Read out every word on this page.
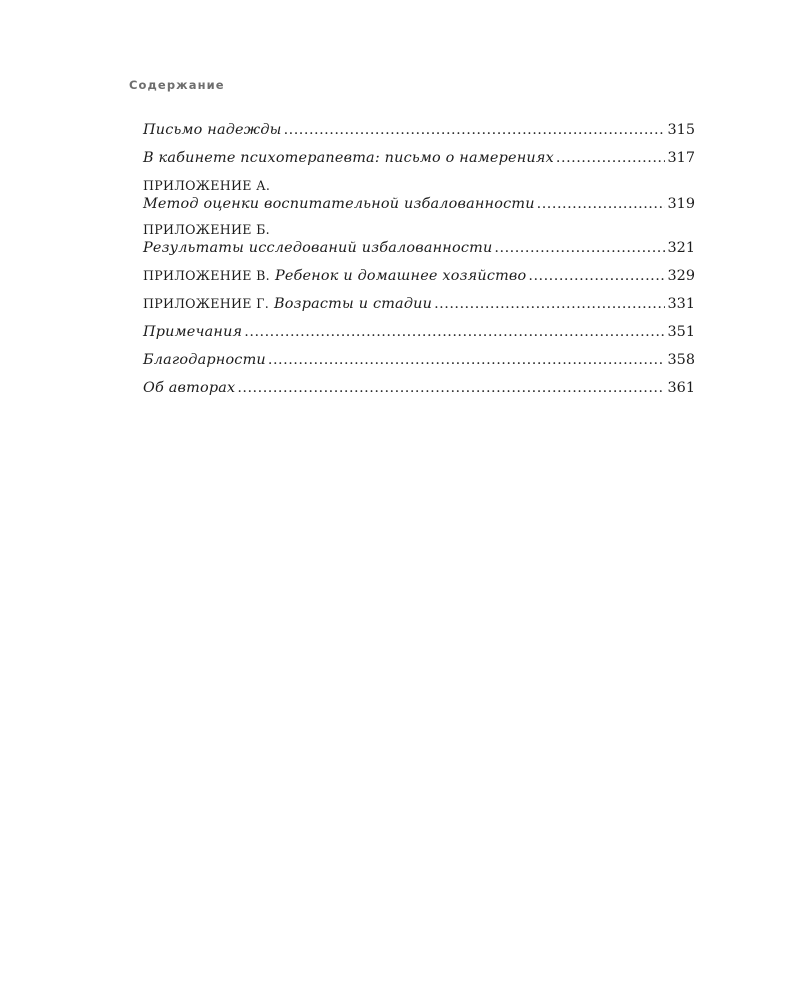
Содержание
Письмо надежды .....	315
В кабинете психотерапевта: письмо о намерениях .....	317
ПРИЛОЖЕНИЕ А.
Метод оценки воспитательной избалованности .....	319
ПРИЛОЖЕНИЕ Б.
Результаты исследований избалованности .....	321
ПРИЛОЖЕНИЕ В. Ребенок и домашнее хозяйство .....	329
ПРИЛОЖЕНИЕ Г. Возрасты и стадии .....	331
Примечания .....	351
Благодарности .....	358
Об авторах .....	361
